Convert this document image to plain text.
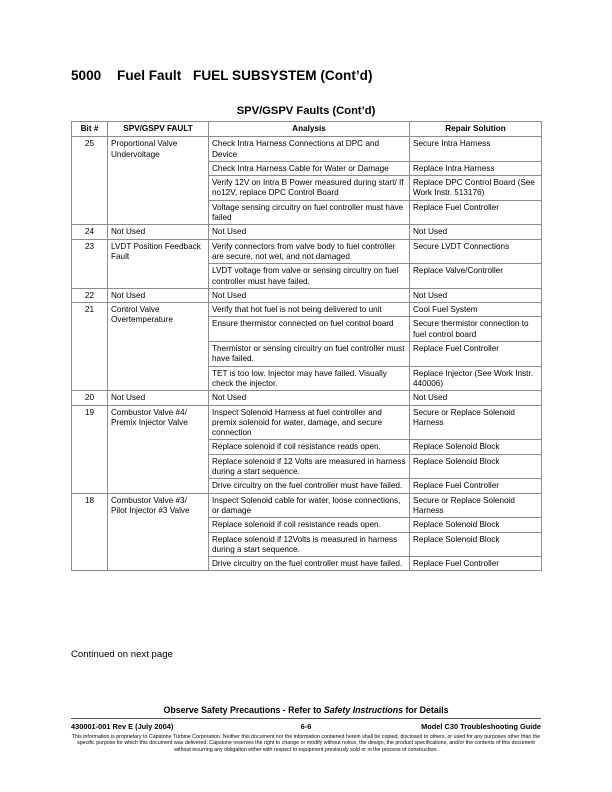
5000 Fuel Fault FUEL SUBSYSTEM (Cont’d)
SPV/GSPV Faults (Cont’d)
Bit #	SPV/GSPV FAULT	Analysis	Repair Solution
25	Proportional Valve Undervoltage	Check Intra Harness Connections at DPC and Device	Secure Intra Harness
		Check Intra Harness Cable for Water or Damage	Replace Intra Harness
		Verify 12V on Intra B Power measured during start/ If no12V, replace DPC Control Board	Replace DPC Control Board (See Work Instr. 513176)
		Voltage sensing circuitry on fuel controller must have failed	Replace Fuel Controller
24	Not Used	Not Used	Not Used
23	LVDT Position Feedback Fault	Verify connectors from valve body to fuel controller are secure, not wet, and not damaged	Secure LVDT Connections
		LVDT voltage from valve or sensing circuitry on fuel controller must have failed.	Replace Valve/Controller
22	Not Used	Not Used	Not Used
21	Control Valve Overtemperature	Verify that hot fuel is not being delivered to unit	Cool Fuel System
		Ensure thermistor connected on fuel control board	Secure thermistor connection to fuel control board
		Thermistor or sensing circuitry on fuel controller must have failed.	Replace Fuel Controller
		TET is too low. Injector may have failed. Visually check the injector.	Replace Injector (See Work Instr. 440006)
20	Not Used	Not Used	Not Used
19	Combustor Valve #4/ Premix Injector Valve	Inspect Solenoid Harness at fuel controller and premix solenoid for water, damage, and secure connection	Secure or Replace Solenoid Harness
		Replace solenoid if coil resistance reads open.	Replace Solenoid Block
		Replace solenoid if 12 Volts are measured in harness during a start sequence.	Replace Solenoid Block
		Drive circuitry on the fuel controller must have failed.	Replace Fuel Controller
18	Combustor Valve #3/ Pilot Injector #3 Valve	Inspect Solenoid cable for water, loose connections, or damage	Secure or Replace Solenoid Harness
		Replace solenoid if coil resistance reads open.	Replace Solenoid Block
		Replace solenoid if 12Volts is measured in harness during a start sequence.	Replace Solenoid Block
		Drive circuitry on the fuel controller must have failed.	Replace Fuel Controller
Continued on next page
Observe Safety Precautions - Refer to Safety Instructions for Details
430001-001 Rev E (July 2004)	6-6	Model C30 Troubleshooting Guide
This information is proprietary to Capstone Turbine Corporation. Neither this document nor the information contained herein shall be copied, disclosed to others, or used for any purposes other than the specific purpose for which this document was delivered. Capstone reserves the right to change or modify without notice, the design, the product specifications, and/or the contents of this document without incurring any obligation either with respect to equipment previously sold or in the process of construction.
